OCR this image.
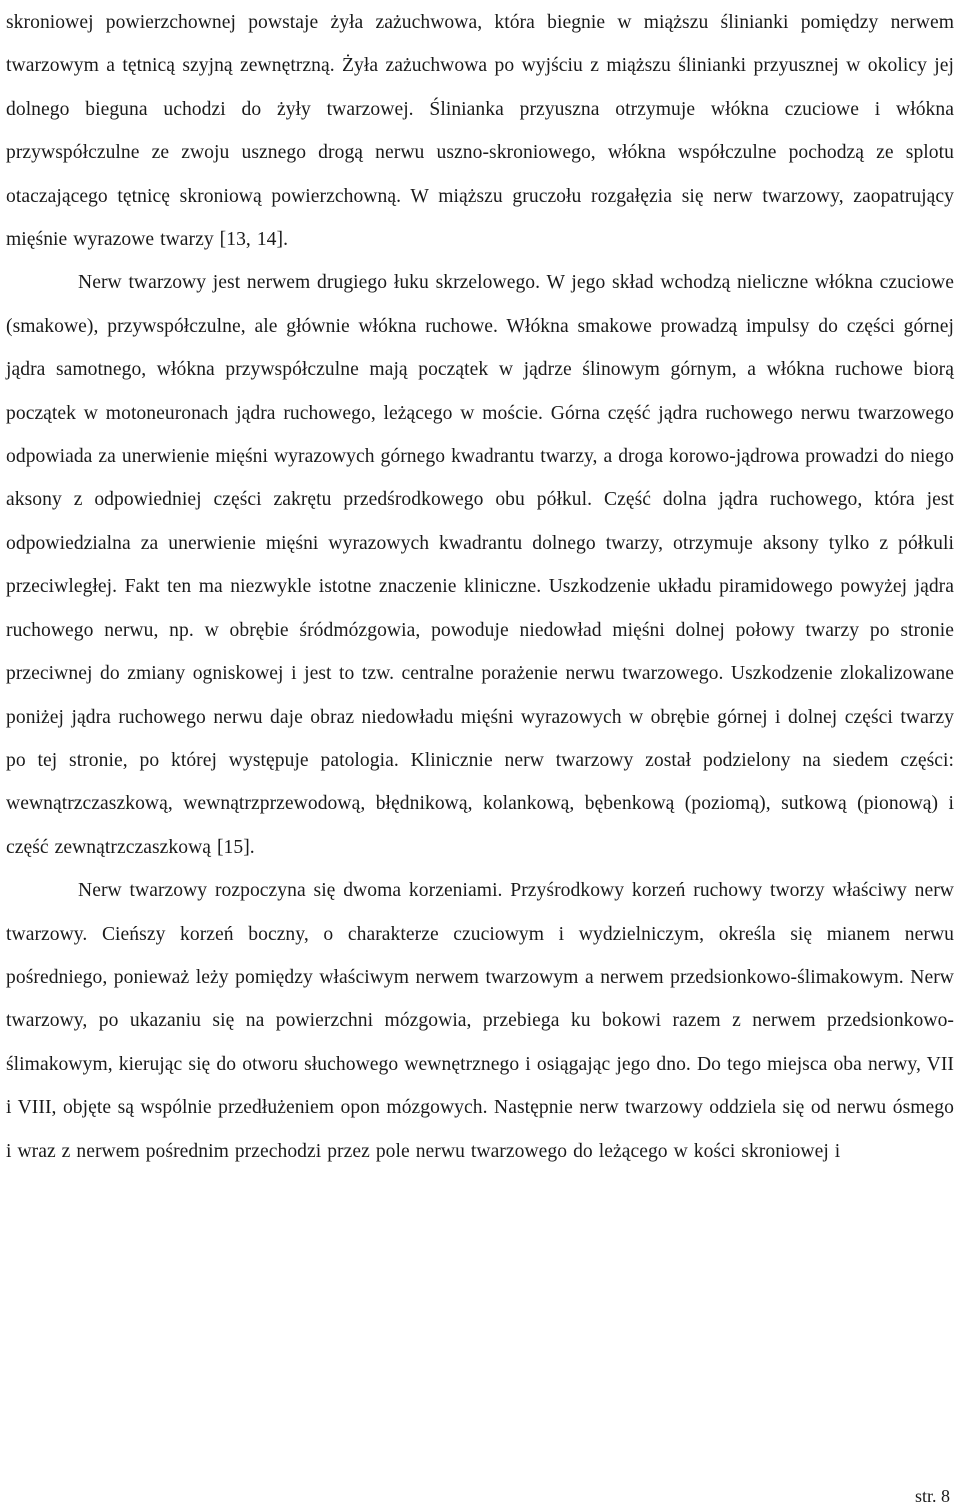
skroniowej powierzchownej powstaje żyła zażuchwowa, która biegnie w miąższu ślinianki pomiędzy nerwem twarzowym a tętnicą szyjną zewnętrzną. Żyła zażuchwowa po wyjściu z miąższu ślinianki przyusznej w okolicy jej dolnego bieguna uchodzi do żyły twarzowej. Ślinianka przyuszna otrzymuje włókna czuciowe i włókna przywspółczulne ze zwoju usznego drogą nerwu uszno-skroniowego, włókna współczulne pochodzą ze splotu otaczającego tętnicę skroniową powierzchowną. W miąższu gruczołu rozgałęzia się nerw twarzowy, zaopatrujący mięśnie wyrazowe twarzy [13, 14].

Nerw twarzowy jest nerwem drugiego łuku skrzelowego. W jego skład wchodzą nieliczne włókna czuciowe (smakowe), przywspółczulne, ale głównie włókna ruchowe. Włókna smakowe prowadzą impulsy do części górnej jądra samotnego, włókna przywspółczulne mają początek w jądrze ślinowym górnym, a włókna ruchowe biorą początek w motoneuronach jądra ruchowego, leżącego w moście. Górna część jądra ruchowego nerwu twarzowego odpowiada za unerwienie mięśni wyrazowych górnego kwadrantu twarzy, a droga korowo-jądrowa prowadzi do niego aksony z odpowiedniej części zakrętu przedśrodkowego obu półkul. Część dolna jądra ruchowego, która jest odpowiedzialna za unerwienie mięśni wyrazowych kwadrantu dolnego twarzy, otrzymuje aksony tylko z półkuli przeciwległej. Fakt ten ma niezwykle istotne znaczenie kliniczne. Uszkodzenie układu piramidowego powyżej jądra ruchowego nerwu, np. w obrębie śródmózgowia, powoduje niedowład mięśni dolnej połowy twarzy po stronie przeciwnej do zmiany ogniskowej i jest to tzw. centralne porażenie nerwu twarzowego. Uszkodzenie zlokalizowane poniżej jądra ruchowego nerwu daje obraz niedowładu mięśni wyrazowych w obrębie górnej i dolnej części twarzy po tej stronie, po której występuje patologia. Klinicznie nerw twarzowy został podzielony na siedem części: wewnątrzczaszkową, wewnątrzprzewodową, błędnikową, kolankową, bębenkową (poziomą), sutkową (pionową) i część zewnątrzczaszkową [15].

Nerw twarzowy rozpoczyna się dwoma korzeniami. Przyśrodkowy korzeń ruchowy tworzy właściwy nerw twarzowy. Cieńszy korzeń boczny, o charakterze czuciowym i wydzielniczym, określa się mianem nerwu pośredniego, ponieważ leży pomiędzy właściwym nerwem twarzowym a nerwem przedsionkowo-ślimakowym. Nerw twarzowy, po ukazaniu się na powierzchni mózgowia, przebiega ku bokowi razem z nerwem przedsionkowo-ślimakowym, kierując się do otworu słuchowego wewnętrznego i osiągając jego dno. Do tego miejsca oba nerwy, VII i VIII, objęte są wspólnie przedłużeniem opon mózgowych. Następnie nerw twarzowy oddziela się od nerwu ósmego i wraz z nerwem pośrednim przechodzi przez pole nerwu twarzowego do leżącego w kości skroniowej i

str. 8
